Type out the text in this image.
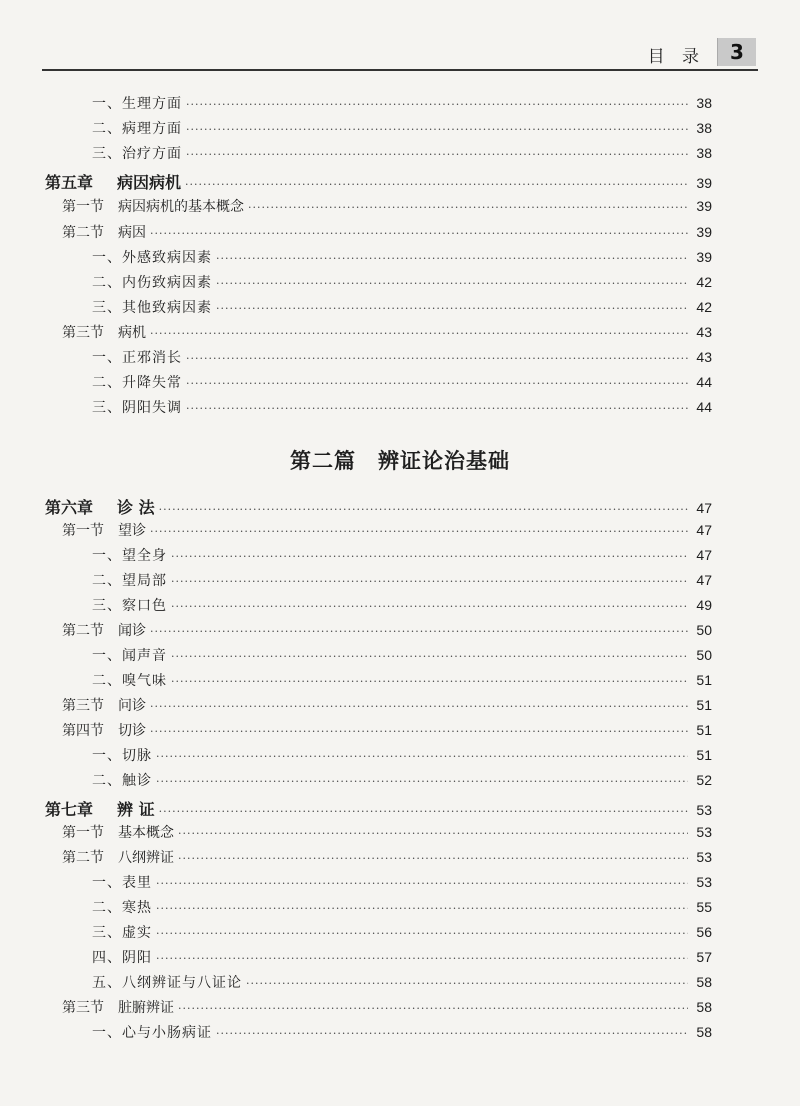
目 录	3
第二篇 辨证论治基础
一、生理方面 ·····	38
二、病理方面 ·····	38
三、治疗方面 ·····	38
第五章 病因病机 ·····	39
第一节 病因病机的基本概念 ·····	39
第二节 病因 ·····	39
一、外感致病因素 ·····	39
二、内伤致病因素 ·····	42
三、其他致病因素 ·····	42
第三节 病机 ·····	43
一、正邪消长 ·····	43
二、升降失常 ·····	44
三、阴阳失调 ·····	44
第六章 诊 法 ·····	47
第一节 望诊 ·····	47
一、望全身 ·····	47
二、望局部 ·····	47
三、察口色 ·····	49
第二节 闻诊 ·····	50
一、闻声音 ·····	50
二、嗅气味 ·····	51
第三节 问诊 ·····	51
第四节 切诊 ·····	51
一、切脉 ·····	51
二、触诊 ·····	52
第七章 辨 证 ·····	53
第一节 基本概念 ·····	53
第二节 八纲辨证 ·····	53
一、表里 ·····	53
二、寒热 ·····	55
三、虚实 ·····	56
四、阴阳 ·····	57
五、八纲辨证与八证论 ·····	58
第三节 脏腑辨证 ·····	58
一、心与小肠病证 ·····	58
